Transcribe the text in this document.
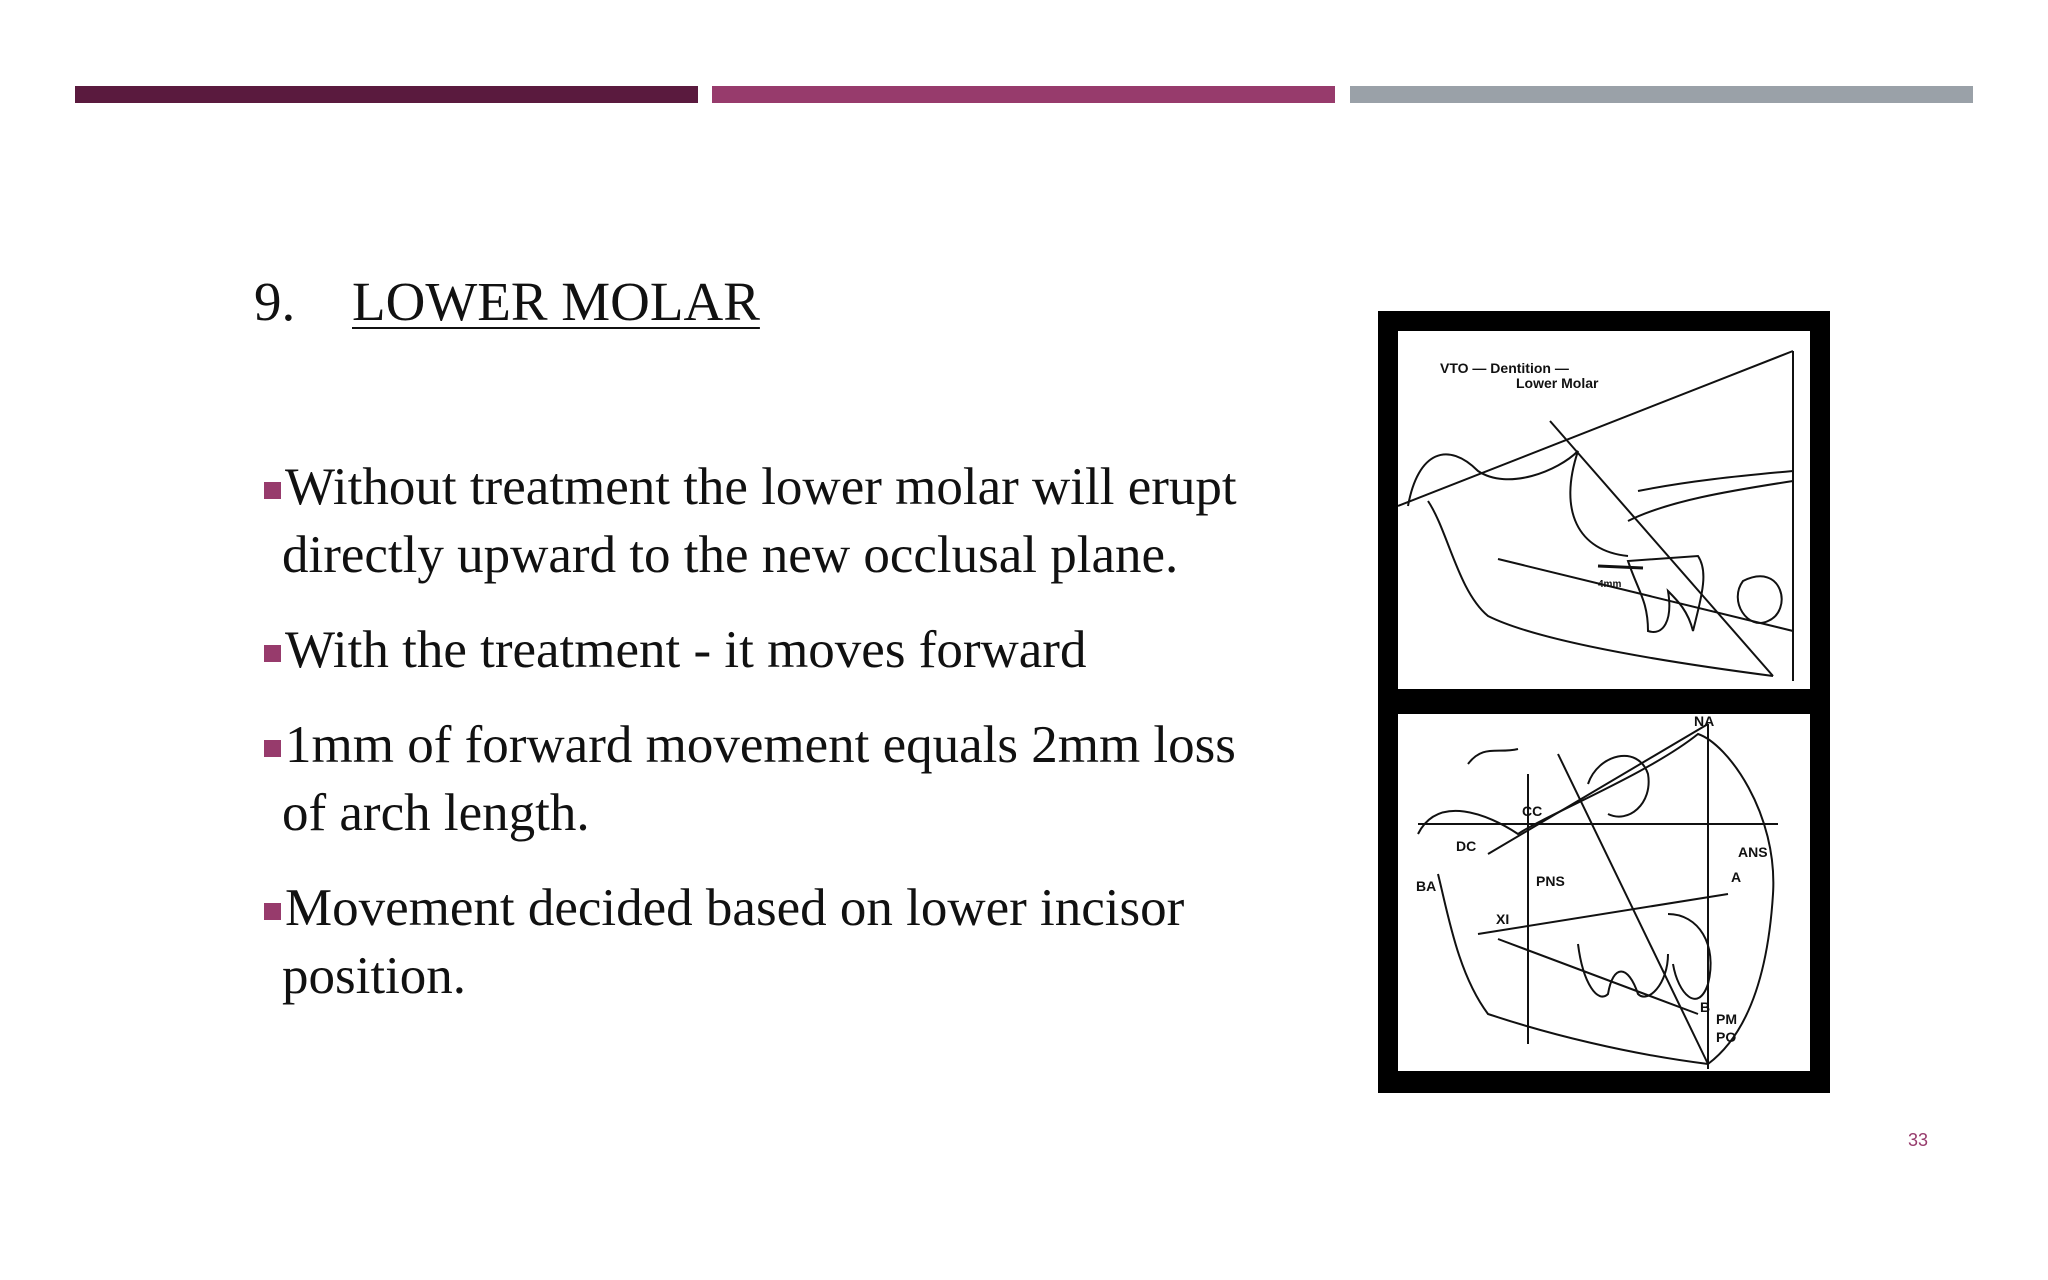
9. LOWER MOLAR
Without treatment the lower molar will erupt directly upward to the new occlusal plane.
With the treatment - it moves forward
1mm of forward movement equals 2mm loss of arch length.
Movement decided based on lower incisor position.
VTO — Dentition —
Lower Molar
4mm
NA
CC
DC	ANS
BA	PNS	A
XI
B
PM
PO
33
